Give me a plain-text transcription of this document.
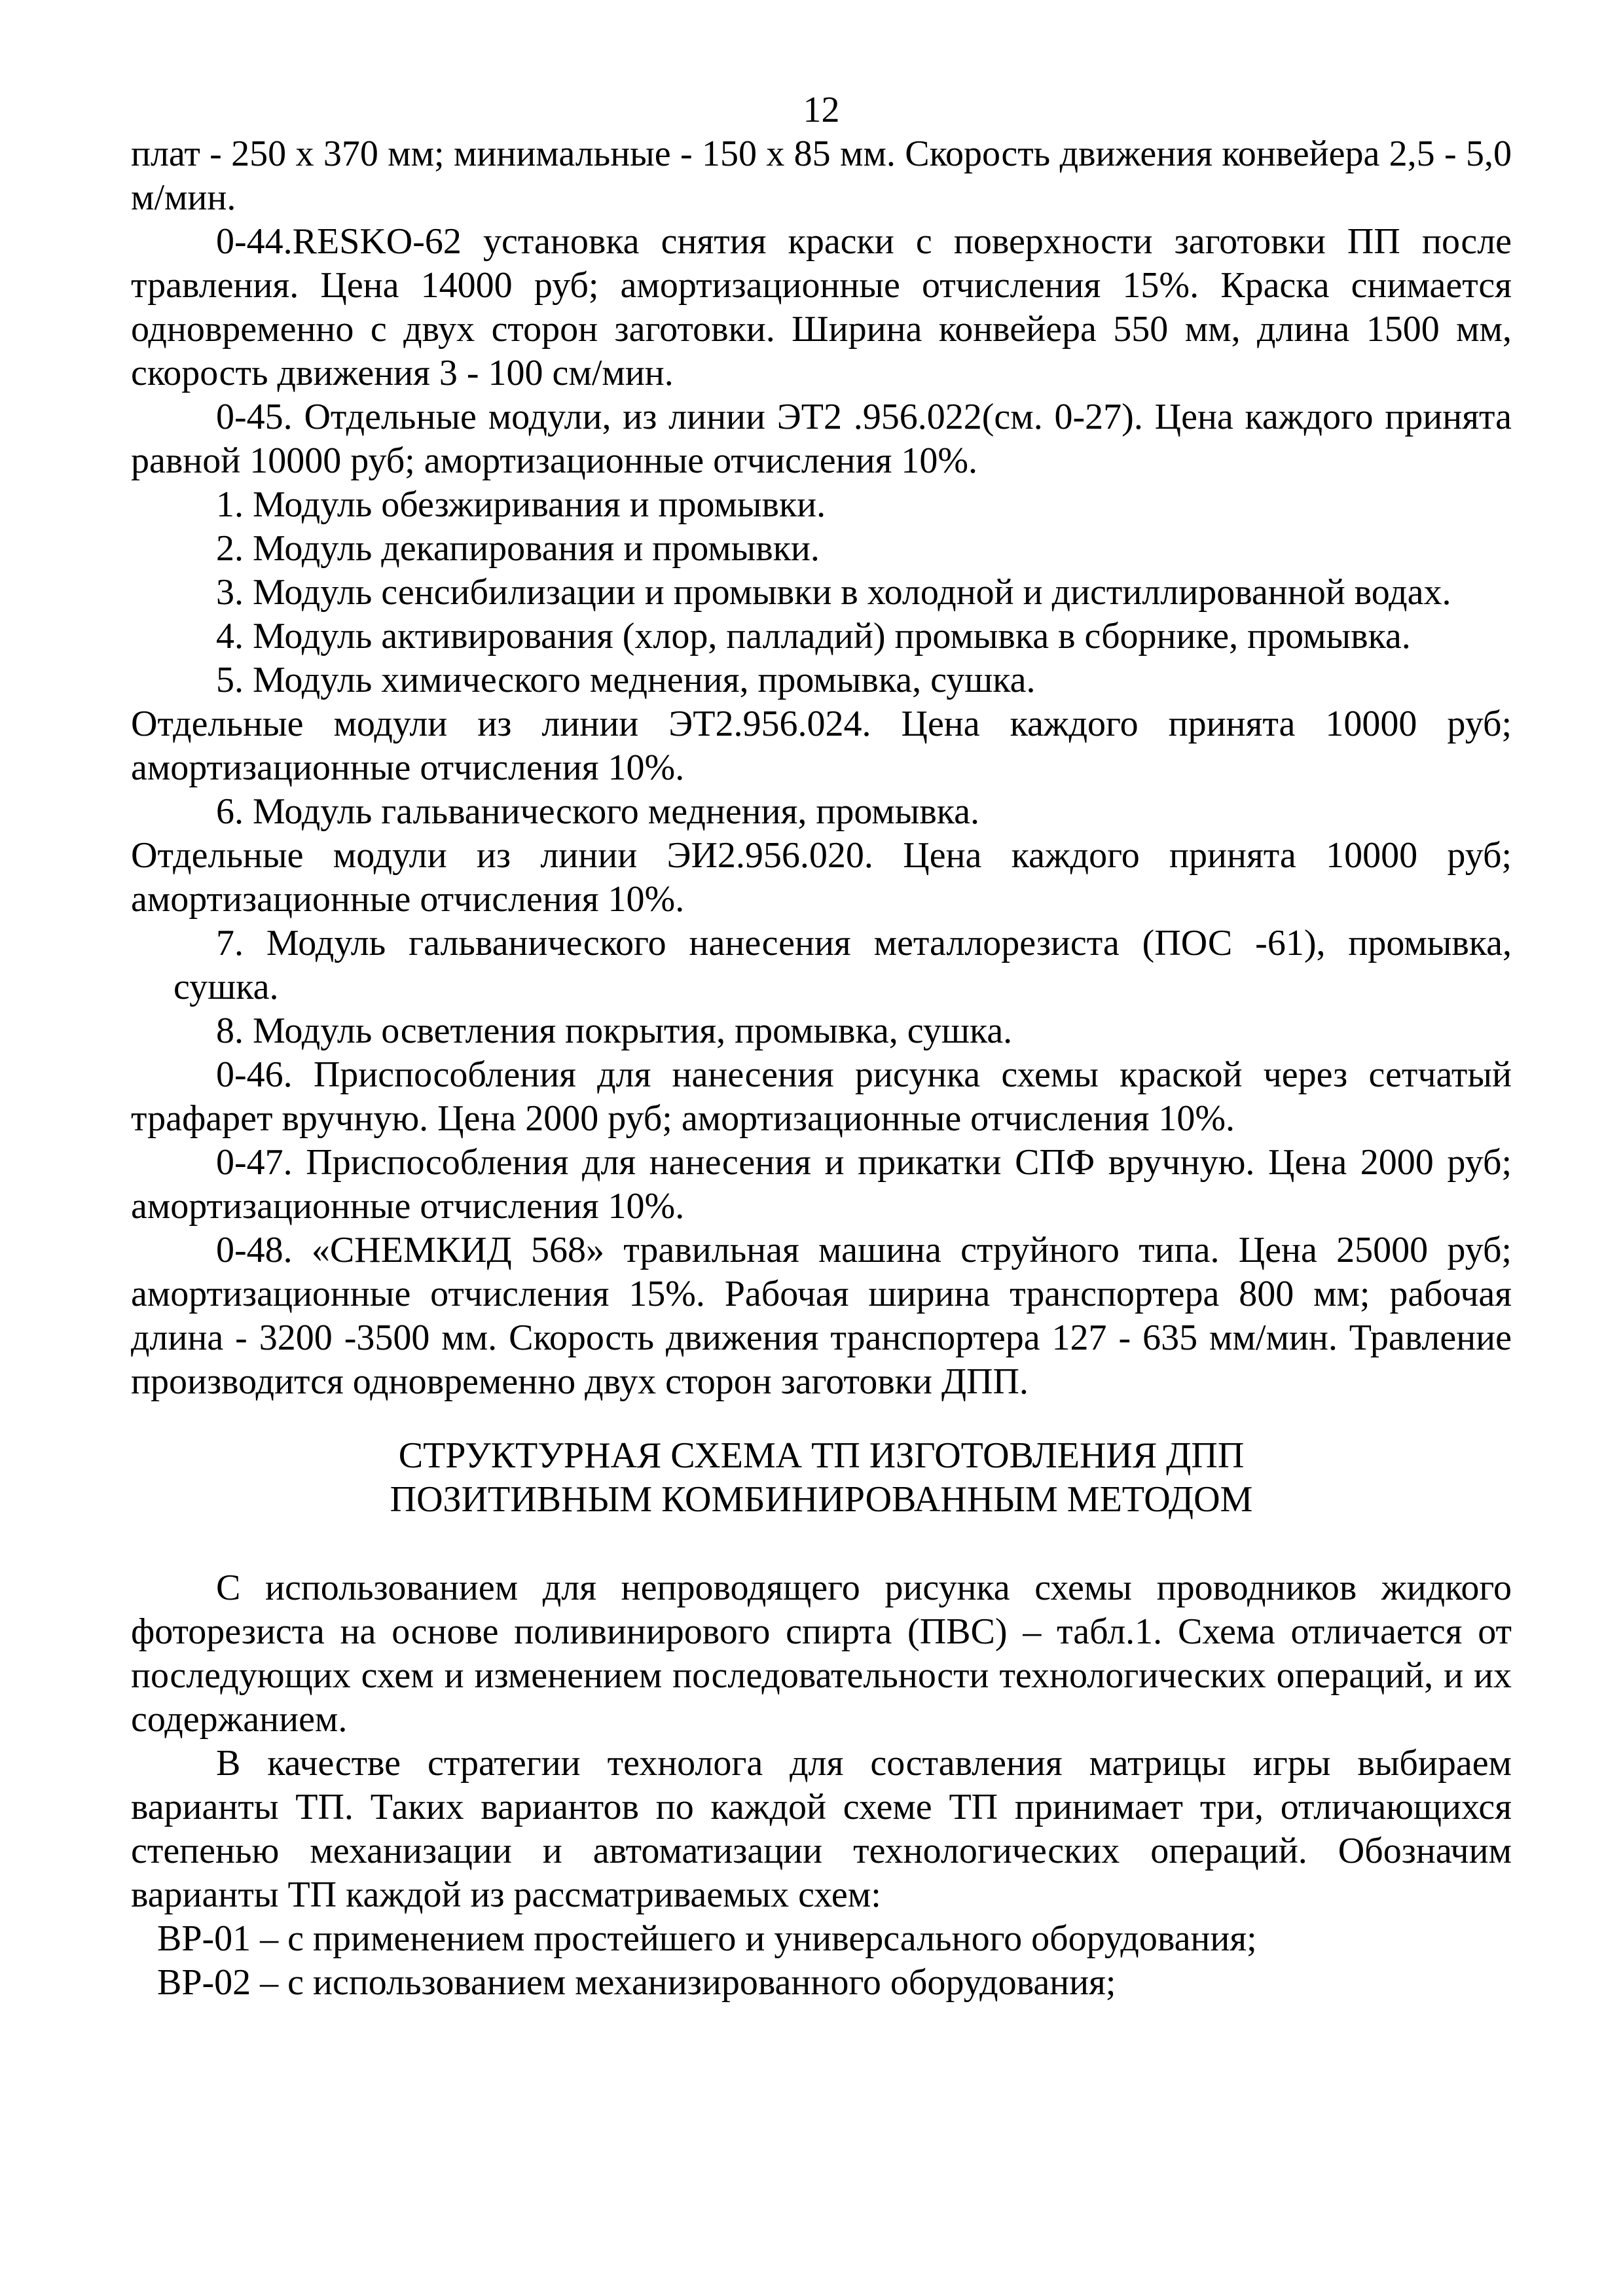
12
плат - 250 х 370 мм; минимальные - 150 х 85 мм. Скорость движения конвейера 2,5 - 5,0 м/мин.
0-44.RESKO-62 установка снятия краски с поверхности заготовки ПП после травления. Цена 14000 руб; амортизационные отчисления 15%. Краска снимается одновременно с двух сторон заготовки. Ширина конвейера 550 мм, длина 1500 мм, скорость движения 3 - 100 см/мин.
0-45. Отдельные модули, из линии ЭТ2 .956.022(см. 0-27). Цена каждого принята равной 10000 руб; амортизационные отчисления 10%.
1. Модуль обезжиривания и промывки.
2. Модуль декапирования и промывки.
3. Модуль сенсибилизации и промывки в холодной и дистиллированной водах.
4. Модуль активирования (хлор, палладий) промывка в сборнике, промывка.
5. Модуль химического меднения, промывка, сушка.
Отдельные модули из линии ЭТ2.956.024. Цена каждого принята 10000 руб; амортизационные отчисления 10%.
6. Модуль гальванического меднения, промывка.
Отдельные модули из линии ЭИ2.956.020. Цена каждого принята 10000 руб; амортизационные отчисления 10%.
7. Модуль гальванического нанесения металлорезиста (ПОС -61), промывка, сушка.
8. Модуль осветления покрытия, промывка, сушка.
0-46. Приспособления для нанесения рисунка схемы краской через сетчатый трафарет вручную. Цена 2000 руб; амортизационные отчисления 10%.
0-47. Приспособления для нанесения и прикатки СПФ вручную. Цена 2000 руб; амортизационные отчисления 10%.
0-48. «СНЕМКИД 568» травильная машина струйного типа. Цена 25000 руб; амортизационные отчисления 15%. Рабочая ширина транспортера 800 мм; рабочая длина - 3200 -3500 мм. Скорость движения транспортера 127 - 635 мм/мин. Травление производится одновременно двух сторон заготовки ДПП.
СТРУКТУРНАЯ СХЕМА ТП ИЗГОТОВЛЕНИЯ ДПП
ПОЗИТИВНЫМ КОМБИНИРОВАННЫМ МЕТОДОМ
С использованием для непроводящего рисунка схемы проводников жидкого фоторезиста на основе поливинирового спирта (ПВС) – табл.1. Схема отличается от последующих схем и изменением последовательности технологических операций, и их содержанием.
В качестве стратегии технолога для составления матрицы игры выбираем варианты ТП. Таких вариантов по каждой схеме ТП принимает три, отличающихся степенью механизации и автоматизации технологических операций. Обозначим варианты ТП каждой из рассматриваемых схем:
ВР-01 – с применением простейшего и универсального оборудования;
ВР-02 – с использованием механизированного оборудования;
